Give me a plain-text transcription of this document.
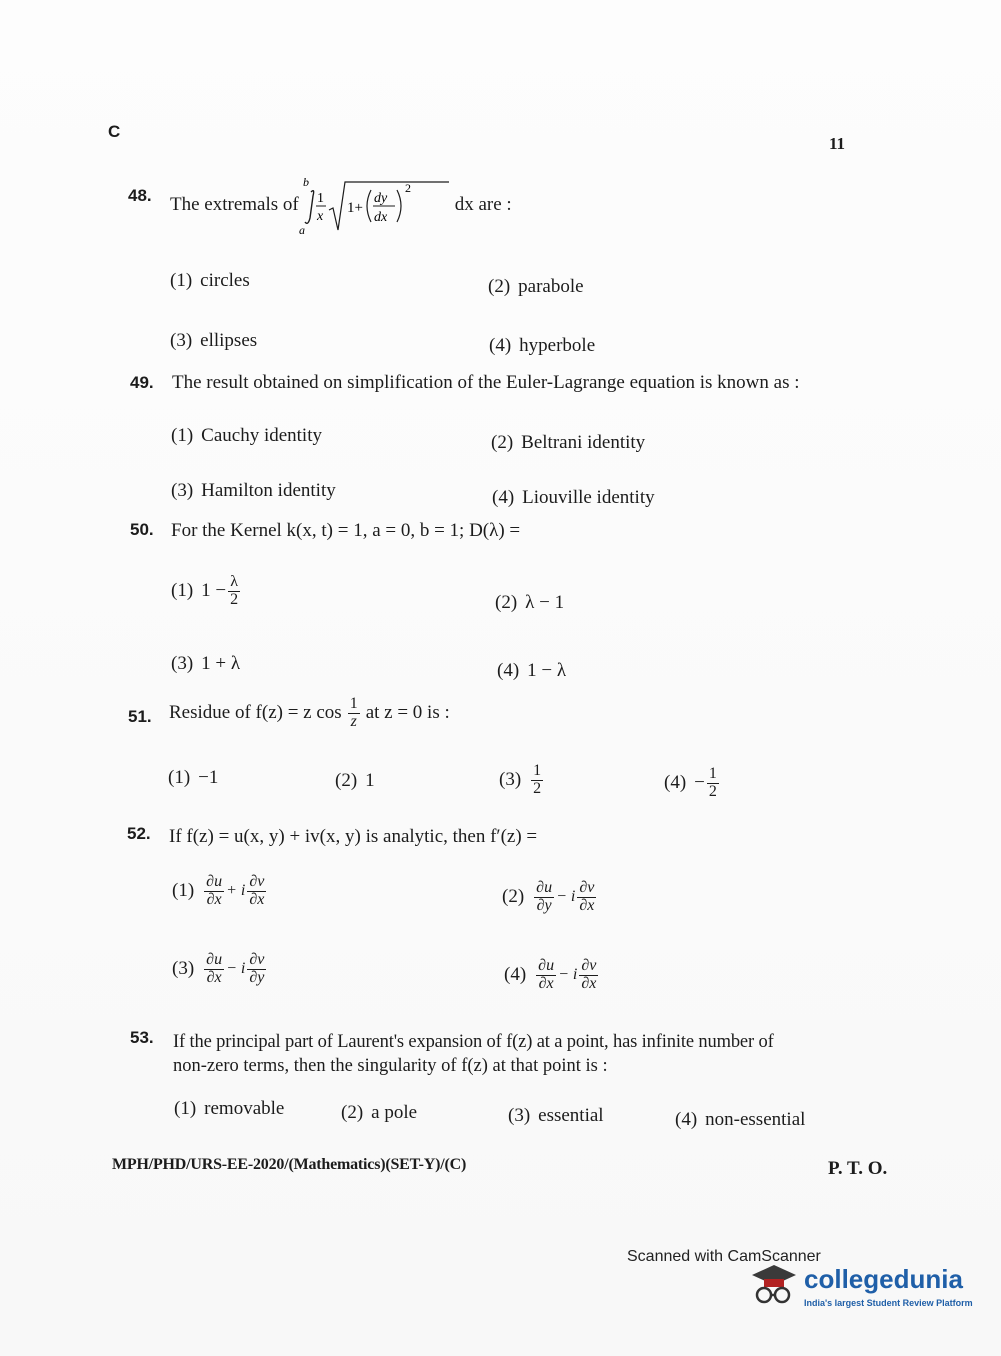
C
11
48. The extremals of
b
a
1
x
1+
dy
dx
2
dx are :
(1) circles	(2) parabole
(3) ellipses	(4) hyperbole
49. The result obtained on simplification of the Euler-Lagrange equation is known as :
(1) Cauchy identity	(2) Beltrani identity
(3) Hamilton identity	(4) Liouville identity
50. For the Kernel k(x, t) = 1, a = 0, b = 1; D(λ) =
(1) $1 - \frac{\lambda}{2}$	(2) λ − 1
(3) 1 + λ	(4) 1 − λ
51. Residue of f(z) = z $\cos \frac{1}{z}$ at z = 0 is :
(1) −1	(2) 1	$(3) \frac{1}{2}$	$(4) - \frac{1}{2}$
52. If f(z) = u(x, y) + iv(x, y) is analytic, then f′(z) =
$(1) \frac{\partial u}{\partial x} + i \frac{\partial v}{\partial x}$	$(2) \frac{\partial u}{\partial y} - i \frac{\partial v}{\partial x}$
$(3) \frac{\partial u}{\partial x} - i \frac{\partial v}{\partial y}$	$(4) \frac{\partial u}{\partial x} - i \frac{\partial v}{\partial x}$
53. If the principal part of Laurent's expansion of f(z) at a point, has infinite number of
non-zero terms, then the singularity of f(z) at that point is :
(1) removable	(2) a pole	(3) essential	(4) non-essential
MPH/PHD/URS-EE-2020/(Mathematics)(SET-Y)/(C)	P. T. O.
Scanned with CamScanner
collegedunia
India's largest Student Review Platform
